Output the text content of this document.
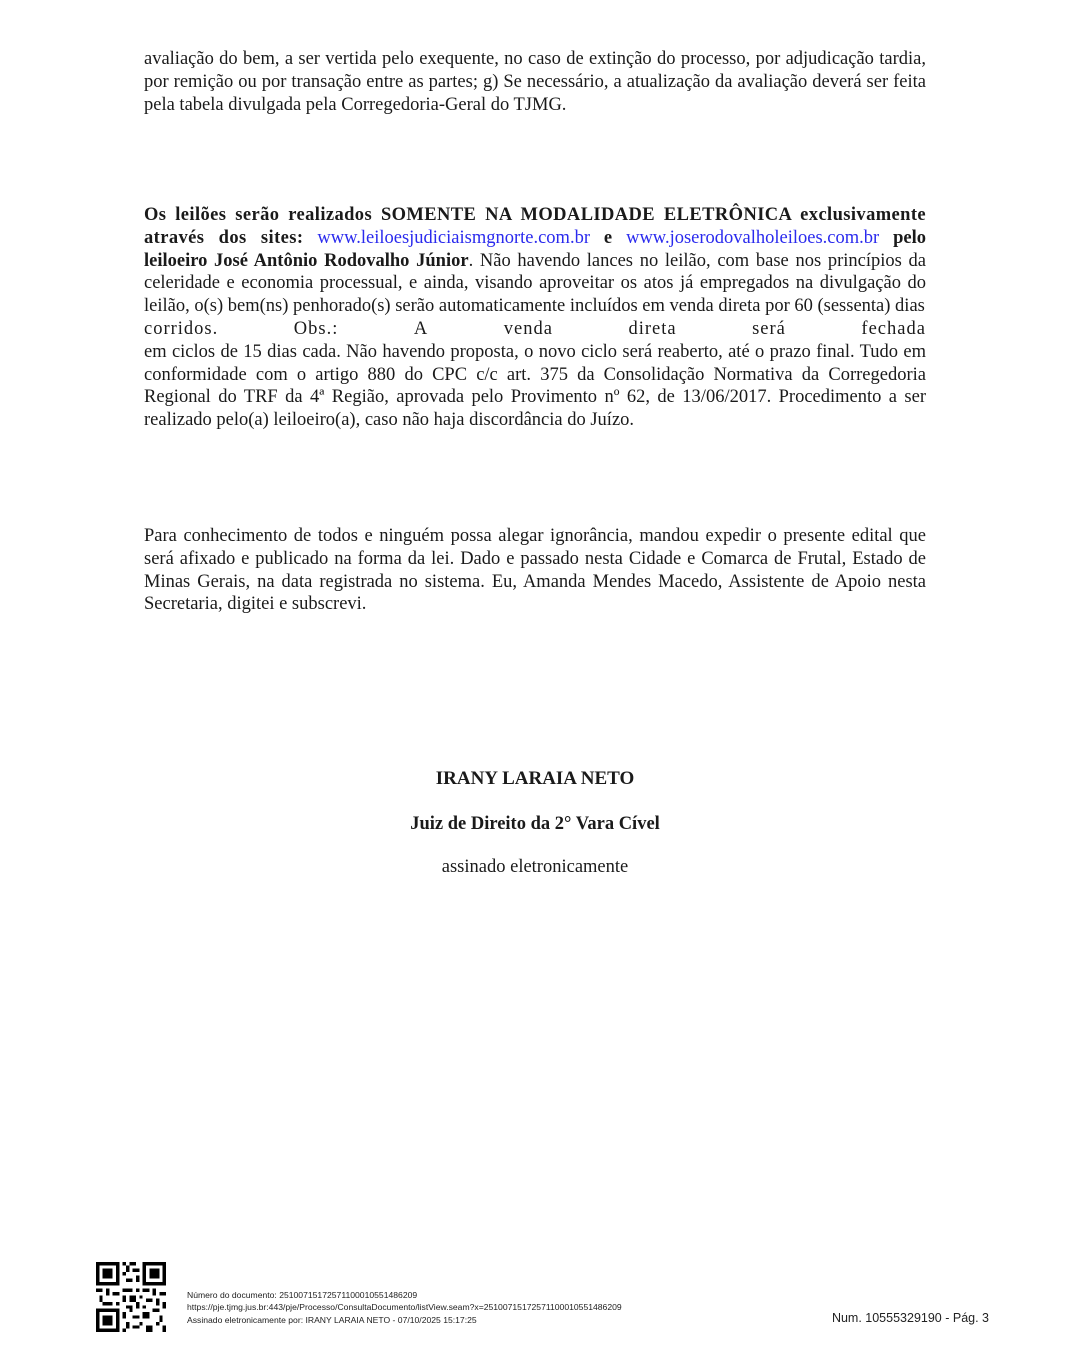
avaliação do bem, a ser vertida pelo exequente, no caso de extinção do processo, por adjudicação tardia, por remição ou por transação entre as partes; g) Se necessário, a atualização da avaliação deverá ser feita pela tabela divulgada pela Corregedoria-Geral do TJMG.

Os leilões serão realizados SOMENTE NA MODALIDADE ELETRÔNICA exclusivamente através dos sites: www.leiloesjudiciaismgnorte.com.br e www.joserodovalholeiloes.com.br pelo leiloeiro José Antônio Rodovalho Júnior. Não havendo lances no leilão, com base nos princípios da celeridade e economia processual, e ainda, visando aproveitar os atos já empregados na divulgação do leilão, o(s) bem(ns) penhorado(s) serão automaticamente incluídos em venda direta por 60 (sessenta) dias
corridos.	Obs.:	A	venda	direta	será	fechada
em ciclos de 15 dias cada. Não havendo proposta, o novo ciclo será reaberto, até o prazo final. Tudo em conformidade com o artigo 880 do CPC c/c art. 375 da Consolidação Normativa da Corregedoria Regional do TRF da 4ª Região, aprovada pelo Provimento nº 62, de 13/06/2017. Procedimento a ser realizado pelo(a) leiloeiro(a), caso não haja discordância do Juízo.

Para conhecimento de todos e ninguém possa alegar ignorância, mandou expedir o presente edital que será afixado e publicado na forma da lei. Dado e passado nesta Cidade e Comarca de Frutal, Estado de Minas Gerais, na data registrada no sistema. Eu, Amanda Mendes Macedo, Assistente de Apoio nesta Secretaria, digitei e subscrevi.

IRANY LARAIA NETO
Juiz de Direito da 2° Vara Cível
assinado eletronicamente
Número do documento: 25100715172571100010551486209
https://pje.tjmg.jus.br:443/pje/Processo/ConsultaDocumento/listView.seam?x=25100715172571100010551486209
Assinado eletronicamente por: IRANY LARAIA NETO - 07/10/2025 15:17:25	Num. 10555329190 - Pág. 3
